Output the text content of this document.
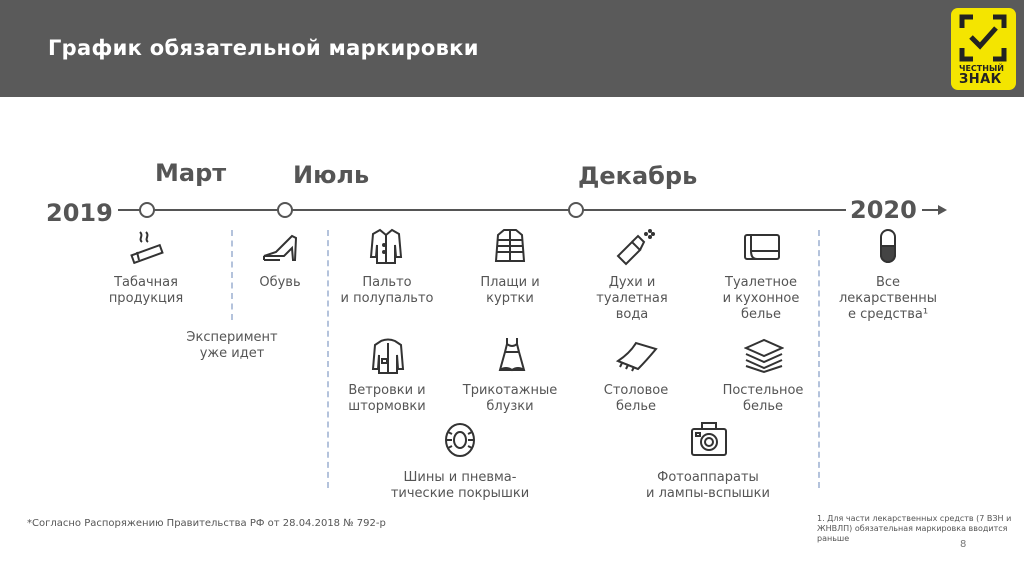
График обязательной маркировки
ЧЕСТНЫЙ
ЗНАК
2019	2020
Март	Июль	Декабрь
Табачная
продукция
Эксперимент
уже идет
Обувь	Пальто
и полупальто
Плащи и
куртки
Духи и
туалетная
вода
Туалетное
и кухонное
белье
Все
лекарственны
е средства¹
Ветровки и
штормовки
Трикотажные
блузки
Столовое
белье
Постельное
белье
Шины и пневма-
тические покрышки
Фотоаппараты
и лампы-вспышки
*Согласно Распоряжению Правительства РФ от 28.04.2018 № 792-р	1. Для части лекарственных средств (7 ВЗН и ЖНВЛП) обязательная маркировка вводится раньше
8
